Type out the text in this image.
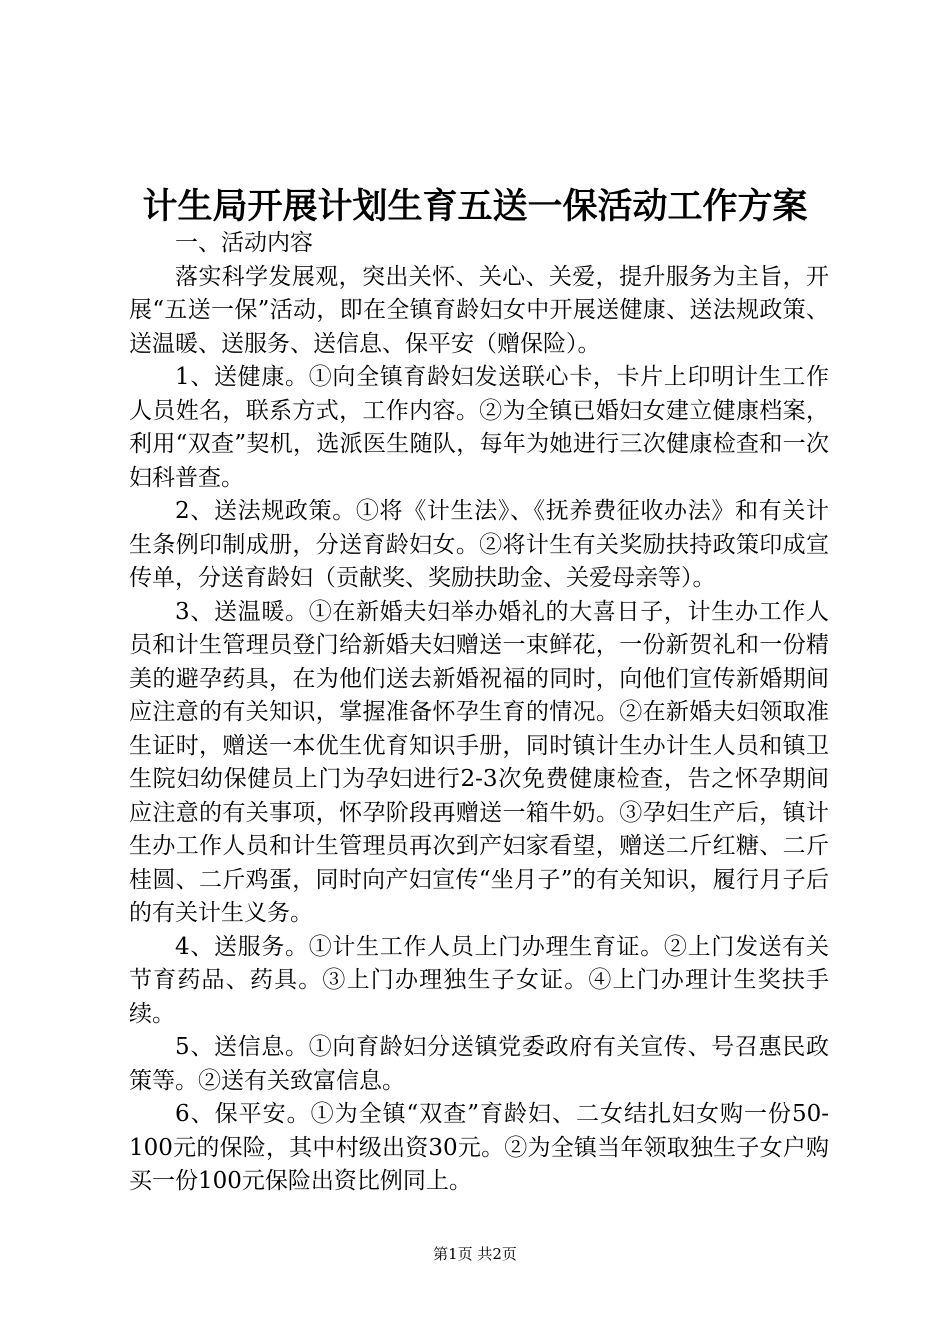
计生局开展计划生育五送一保活动工作方案

一、活动内容

落实科学发展观，突出关怀、关心、关爱，提升服务为主旨，开展“五送一保”活动，即在全镇育龄妇女中开展送健康、送法规政策、送温暖、送服务、送信息、保平安（赠保险）。

1、送健康。①向全镇育龄妇发送联心卡，卡片上印明计生工作人员姓名，联系方式，工作内容。②为全镇已婚妇女建立健康档案，利用“双查”契机，选派医生随队，每年为她进行三次健康检查和一次妇科普查。

2、送法规政策。①将《计生法》、《抚养费征收办法》和有关计生条例印制成册，分送育龄妇女。②将计生有关奖励扶持政策印成宣传单，分送育龄妇（贡献奖、奖励扶助金、关爱母亲等）。

3、送温暖。①在新婚夫妇举办婚礼的大喜日子，计生办工作人员和计生管理员登门给新婚夫妇赠送一束鲜花，一份新贺礼和一份精美的避孕药具，在为他们送去新婚祝福的同时，向他们宣传新婚期间应注意的有关知识，掌握准备怀孕生育的情况。②在新婚夫妇领取准生证时，赠送一本优生优育知识手册，同时镇计生办计生人员和镇卫生院妇幼保健员上门为孕妇进行2-3次免费健康检查，告之怀孕期间应注意的有关事项，怀孕阶段再赠送一箱牛奶。③孕妇生产后，镇计生办工作人员和计生管理员再次到产妇家看望，赠送二斤红糖、二斤桂圆、二斤鸡蛋，同时向产妇宣传“坐月子”的有关知识，履行月子后的有关计生义务。

4、送服务。①计生工作人员上门办理生育证。②上门发送有关节育药品、药具。③上门办理独生子女证。④上门办理计生奖扶手续。

5、送信息。①向育龄妇分送镇党委政府有关宣传、号召惠民政策等。②送有关致富信息。

6、保平安。①为全镇“双查”育龄妇、二女结扎妇女购一份50-100元的保险，其中村级出资30元。②为全镇当年领取独生子女户购买一份100元保险出资比例同上。

第1页 共2页
